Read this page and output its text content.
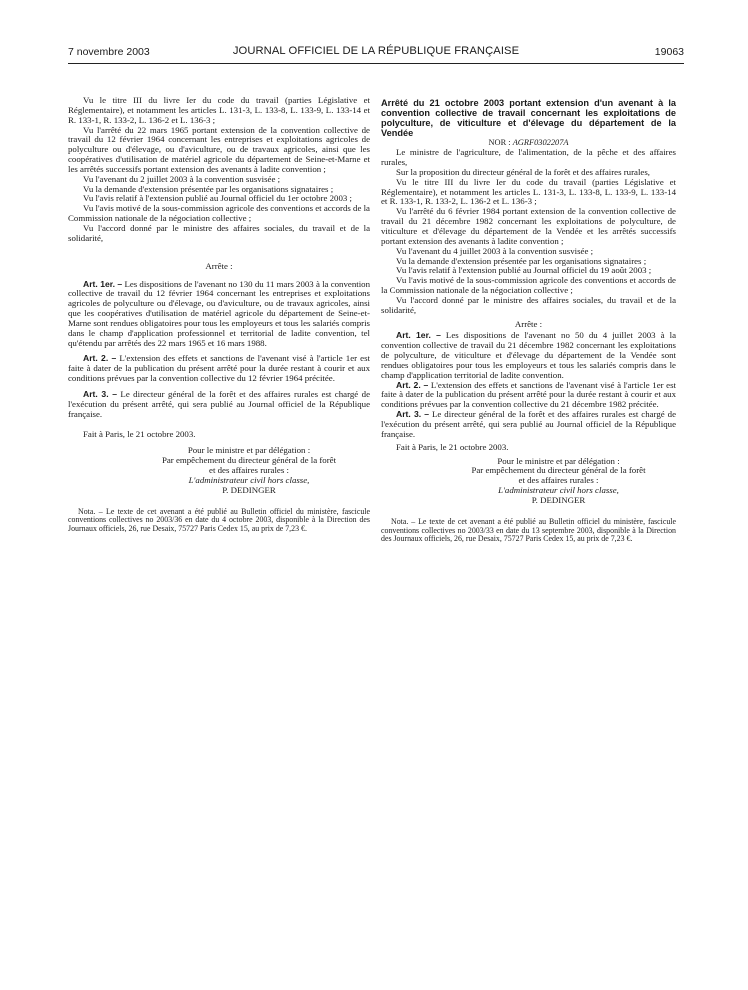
7 novembre 2003	JOURNAL OFFICIEL DE LA RÉPUBLIQUE FRANÇAISE	19063

Vu le titre III du livre Ier du code du travail (parties Législative et Réglementaire), et notamment les articles L. 131-3, L. 133-8, L. 133-9, L. 133-14 et R. 133-1, R. 133-2, L. 136-2 et L. 136-3 ;

Vu l'arrêté du 22 mars 1965 portant extension de la convention collective de travail du 12 février 1964 concernant les entreprises et exploitations agricoles de polyculture ou d'élevage, ou d'aviculture, ou de travaux agricoles, ainsi que les coopératives d'utilisation de matériel agricole du département de Seine-et-Marne et les arrêtés successifs portant extension des avenants à ladite convention ;

Vu l'avenant du 2 juillet 2003 à la convention susvisée ;

Vu la demande d'extension présentée par les organisations signataires ;

Vu l'avis relatif à l'extension publié au Journal officiel du 1er octobre 2003 ;

Vu l'avis motivé de la sous-commission agricole des conventions et accords de la Commission nationale de la négociation collective ;

Vu l'accord donné par le ministre des affaires sociales, du travail et de la solidarité,

Arrête :

Art. 1er. – Les dispositions de l'avenant no 130 du 11 mars 2003 à la convention collective de travail du 12 février 1964 concernant les entreprises et exploitations agricoles de polyculture ou d'élevage, ou d'aviculture, ou de travaux agricoles, ainsi que les coopératives d'utilisation de matériel agricole du département de Seine-et-Marne sont rendues obligatoires pour tous les employeurs et tous les salariés compris dans le champ d'application professionnel et territorial de ladite convention, tel qu'étendu par arrêtés des 22 mars 1965 et 16 mars 1988.

Art. 2. – L'extension des effets et sanctions de l'avenant visé à l'article 1er est faite à dater de la publication du présent arrêté pour la durée restant à courir et aux conditions prévues par la convention collective du 12 février 1964 précitée.

Art. 3. – Le directeur général de la forêt et des affaires rurales est chargé de l'exécution du présent arrêté, qui sera publié au Journal officiel de la République française.

Fait à Paris, le 21 octobre 2003.

Pour le ministre et par délégation :

Par empêchement du directeur général de la forêt

et des affaires rurales :

L'administrateur civil hors classe,

P. DEDINGER

Nota. – Le texte de cet avenant a été publié au Bulletin officiel du ministère, fascicule conventions collectives no 2003/36 en date du 4 octobre 2003, disponible à la Direction des Journaux officiels, 26, rue Desaix, 75727 Paris Cedex 15, au prix de 7,23 €.

Arrêté du 21 octobre 2003 portant extension d'un avenant à la convention collective de travail concernant les exploitations de polyculture, de viticulture et d'élevage du département de la Vendée

NOR : AGRF0302207A

Le ministre de l'agriculture, de l'alimentation, de la pêche et des affaires rurales,

Sur la proposition du directeur général de la forêt et des affaires rurales,

Vu le titre III du livre Ier du code du travail (parties Législative et Réglementaire), et notamment les articles L. 131-3, L. 133-8, L. 133-9, L. 133-14 et R. 133-1, R. 133-2, L. 136-2 et L. 136-3 ;

Vu l'arrêté du 6 février 1984 portant extension de la convention collective de travail du 21 décembre 1982 concernant les exploitations de polyculture, de viticulture et d'élevage du département de la Vendée et les arrêtés successifs portant extension des avenants à ladite convention ;

Vu l'avenant du 4 juillet 2003 à la convention susvisée ;

Vu la demande d'extension présentée par les organisations signataires ;

Vu l'avis relatif à l'extension publié au Journal officiel du 19 août 2003 ;

Vu l'avis motivé de la sous-commission agricole des conventions et accords de la Commission nationale de la négociation collective ;

Vu l'accord donné par le ministre des affaires sociales, du travail et de la solidarité,

Arrête :

Art. 1er. – Les dispositions de l'avenant no 50 du 4 juillet 2003 à la convention collective de travail du 21 décembre 1982 concernant les exploitations de polyculture, de viticulture et d'élevage du département de la Vendée sont rendues obligatoires pour tous les employeurs et tous les salariés compris dans le champ d'application territorial de ladite convention.

Art. 2. – L'extension des effets et sanctions de l'avenant visé à l'article 1er est faite à dater de la publication du présent arrêté pour la durée restant à courir et aux conditions prévues par la convention collective du 21 décembre 1982 précitée.

Art. 3. – Le directeur général de la forêt et des affaires rurales est chargé de l'exécution du présent arrêté, qui sera publié au Journal officiel de la République française.

Fait à Paris, le 21 octobre 2003.

Pour le ministre et par délégation :

Par empêchement du directeur général de la forêt

et des affaires rurales :

L'administrateur civil hors classe,

P. DEDINGER

Nota. – Le texte de cet avenant a été publié au Bulletin officiel du ministère, fascicule conventions collectives no 2003/33 en date du 13 septembre 2003, disponible à la Direction des Journaux officiels, 26, rue Desaix, 75727 Paris Cedex 15, au prix de 7,23 €.
